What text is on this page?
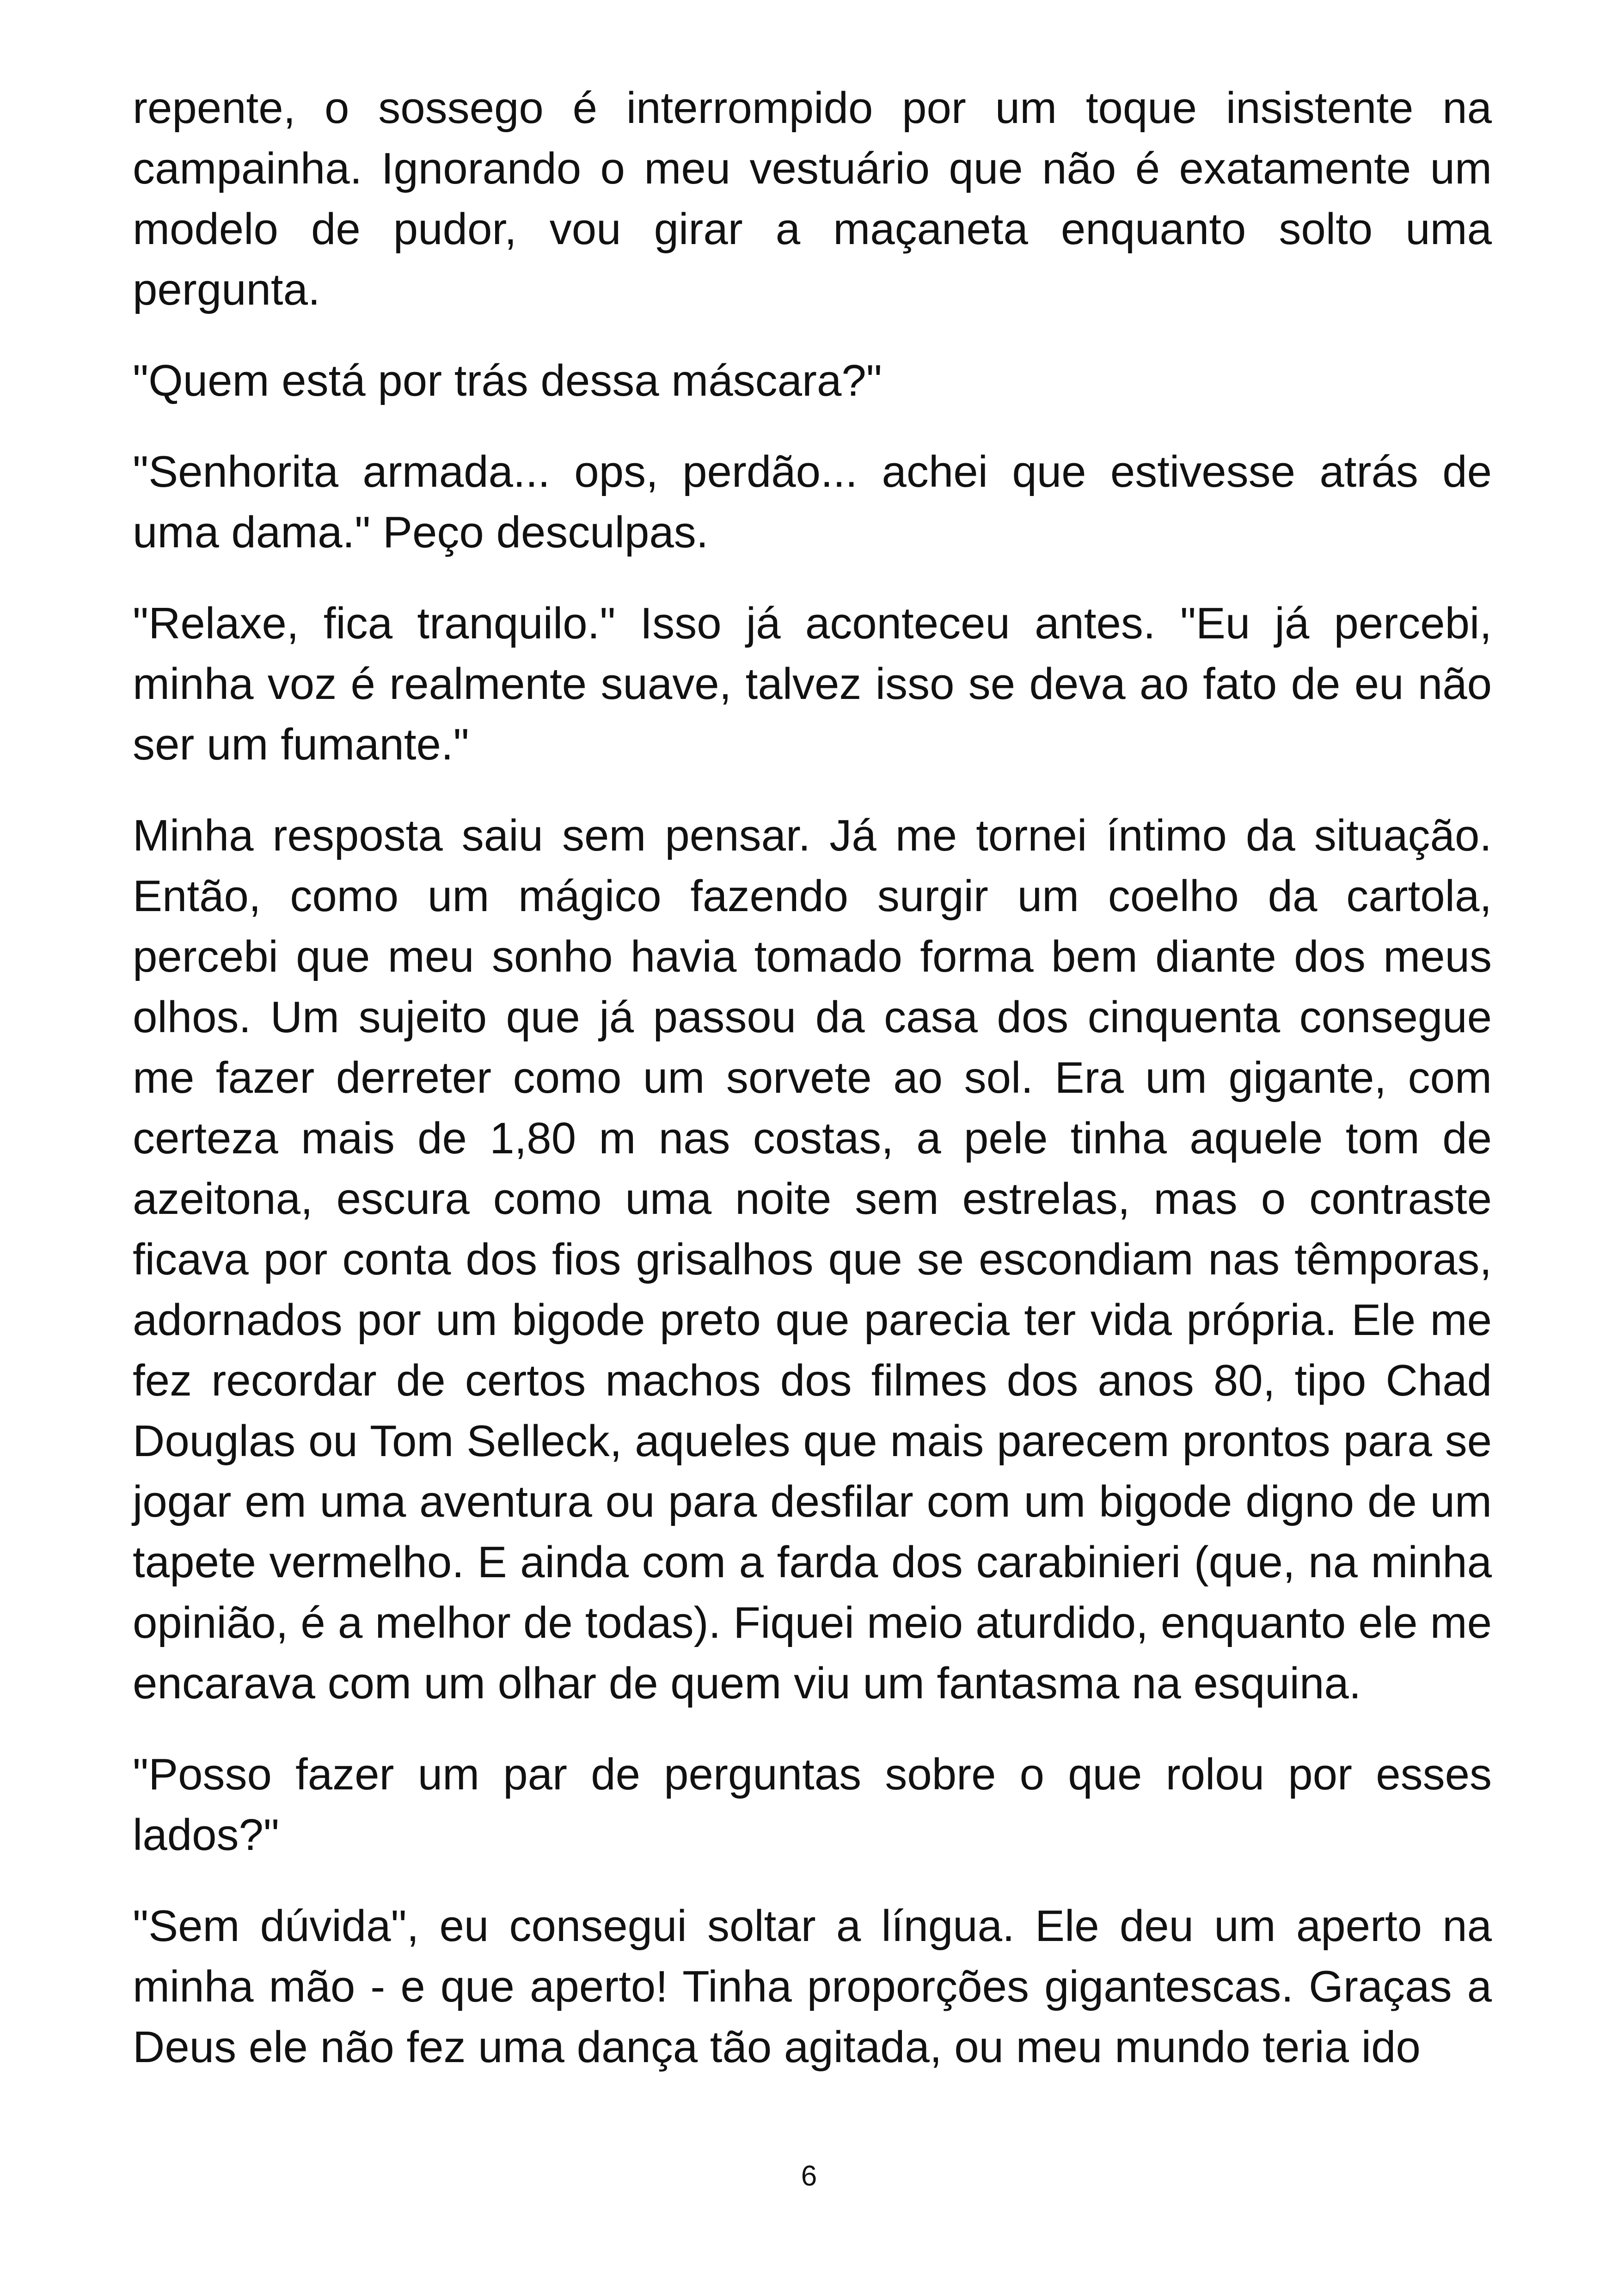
repente, o sossego é interrompido por um toque insistente na campainha. Ignorando o meu vestuário que não é exatamente um modelo de pudor, vou girar a maçaneta enquanto solto uma pergunta.

"Quem está por trás dessa máscara?"

"Senhorita armada... ops, perdão... achei que estivesse atrás de uma dama." Peço desculpas.

"Relaxe, fica tranquilo." Isso já aconteceu antes. "Eu já percebi, minha voz é realmente suave, talvez isso se deva ao fato de eu não ser um fumante."

Minha resposta saiu sem pensar. Já me tornei íntimo da situação. Então, como um mágico fazendo surgir um coelho da cartola, percebi que meu sonho havia tomado forma bem diante dos meus olhos. Um sujeito que já passou da casa dos cinquenta consegue me fazer derreter como um sorvete ao sol. Era um gigante, com certeza mais de 1,80 m nas costas, a pele tinha aquele tom de azeitona, escura como uma noite sem estrelas, mas o contraste ficava por conta dos fios grisalhos que se escondiam nas têmporas, adornados por um bigode preto que parecia ter vida própria. Ele me fez recordar de certos machos dos filmes dos anos 80, tipo Chad Douglas ou Tom Selleck, aqueles que mais parecem prontos para se jogar em uma aventura ou para desfilar com um bigode digno de um tapete vermelho. E ainda com a farda dos carabinieri (que, na minha opinião, é a melhor de todas). Fiquei meio aturdido, enquanto ele me encarava com um olhar de quem viu um fantasma na esquina.

"Posso fazer um par de perguntas sobre o que rolou por esses lados?"

"Sem dúvida", eu consegui soltar a língua. Ele deu um aperto na minha mão - e que aperto! Tinha proporções gigantescas. Graças a Deus ele não fez uma dança tão agitada, ou meu mundo teria ido

6
